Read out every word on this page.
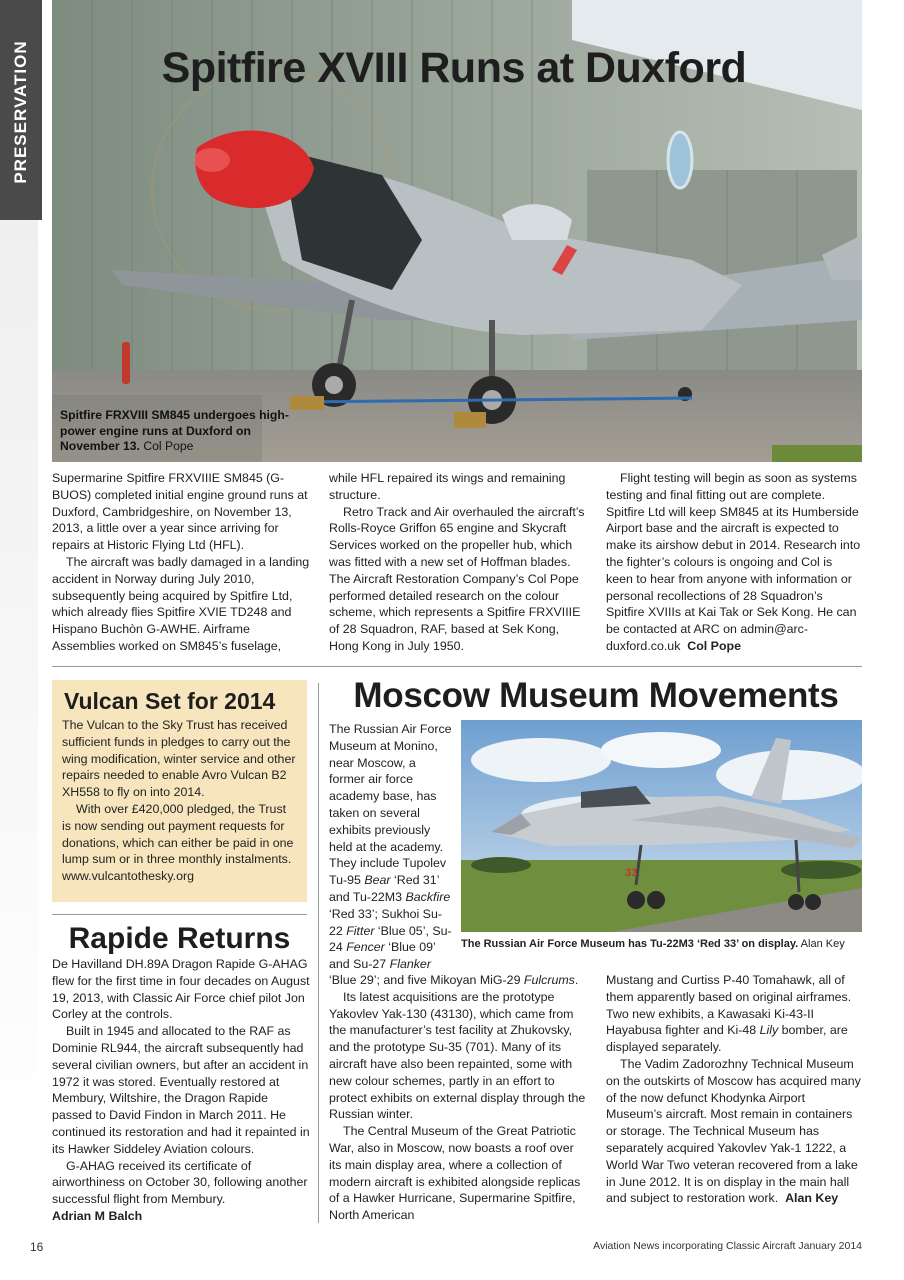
PRESERVATION
Spitfire FRXVIII SM845 undergoes high-power engine runs at Duxford on November 13. Col Pope
Spitfire XVIII Runs at Duxford

Supermarine Spitfire FRXVIIIE SM845 (G-BUOS) completed initial engine ground runs at Duxford, Cambridgeshire, on November 13, 2013, a little over a year since arriving for repairs at Historic Flying Ltd (HFL).

The aircraft was badly damaged in a landing accident in Norway during July 2010, subsequently being acquired by Spitfire Ltd, which already flies Spitfire XVIE TD248 and Hispano Buchòn G-AWHE. Airframe Assemblies worked on SM845’s fuselage,

while HFL repaired its wings and remaining structure.

Retro Track and Air overhauled the aircraft’s Rolls-Royce Griffon 65 engine and Skycraft Services worked on the propeller hub, which was fitted with a new set of Hoffman blades. The Aircraft Restoration Company’s Col Pope performed detailed research on the colour scheme, which represents a Spitfire FRXVIIIE of 28 Squadron, RAF, based at Sek Kong, Hong Kong in July 1950.

Flight testing will begin as soon as systems testing and final fitting out are complete. Spitfire Ltd will keep SM845 at its Humberside Airport base and the aircraft is expected to make its airshow debut in 2014. Research into the fighter’s colours is ongoing and Col is keen to hear from anyone with information or personal recollections of 28 Squadron’s Spitfire XVIIIs at Kai Tak or Sek Kong. He can be contacted at ARC on admin@arc-duxford.co.uk Col Pope

Vulcan Set for 2014

The Vulcan to the Sky Trust has received sufficient funds in pledges to carry out the wing modification, winter service and other repairs needed to enable Avro Vulcan B2 XH558 to fly on into 2014.

With over £420,000 pledged, the Trust is now sending out payment requests for donations, which can either be paid in one lump sum or in three monthly instalments. www.vulcantothesky.org

Rapide Returns

De Havilland DH.89A Dragon Rapide G-AHAG flew for the first time in four decades on August 19, 2013, with Classic Air Force chief pilot Jon Corley at the controls.

Built in 1945 and allocated to the RAF as Dominie RL944, the aircraft subsequently had several civilian owners, but after an accident in 1972 it was stored. Eventually restored at Membury, Wiltshire, the Dragon Rapide passed to David Findon in March 2011. He continued its restoration and had it repainted in its Hawker Siddeley Aviation colours.

G-AHAG received its certificate of airworthiness on October 30, following another successful flight from Membury.

Adrian M Balch

Moscow Museum Movements
33
The Russian Air Force Museum has Tu-22M3 ‘Red 33’ on display. Alan Key

The Russian Air Force Museum at Monino, near Moscow, a former air force academy base, has taken on several exhibits previously held at the academy. They include Tupolev Tu-95 Bear ‘Red 31’ and Tu-22M3 Backfire ‘Red 33’; Sukhoi Su-22 Fitter ‘Blue 05’, Su-24 Fencer ‘Blue 09’ and Su-27 Flanker

‘Blue 29’; and five Mikoyan MiG-29 Fulcrums.

Its latest acquisitions are the prototype Yakovlev Yak-130 (43130), which came from the manufacturer’s test facility at Zhukovsky, and the prototype Su-35 (701). Many of its aircraft have also been repainted, some with new colour schemes, partly in an effort to protect exhibits on external display through the Russian winter.

The Central Museum of the Great Patriotic War, also in Moscow, now boasts a roof over its main display area, where a collection of modern aircraft is exhibited alongside replicas of a Hawker Hurricane, Supermarine Spitfire, North American

Mustang and Curtiss P-40 Tomahawk, all of them apparently based on original airframes. Two new exhibits, a Kawasaki Ki-43-II Hayabusa fighter and Ki-48 Lily bomber, are displayed separately.

The Vadim Zadorozhny Technical Museum on the outskirts of Moscow has acquired many of the now defunct Khodynka Airport Museum’s aircraft. Most remain in containers or storage. The Technical Museum has separately acquired Yakovlev Yak-1 1222, a World War Two veteran recovered from a lake in June 2012. It is on display in the main hall and subject to restoration work. Alan Key

16	Aviation News incorporating Classic Aircraft January 2014
